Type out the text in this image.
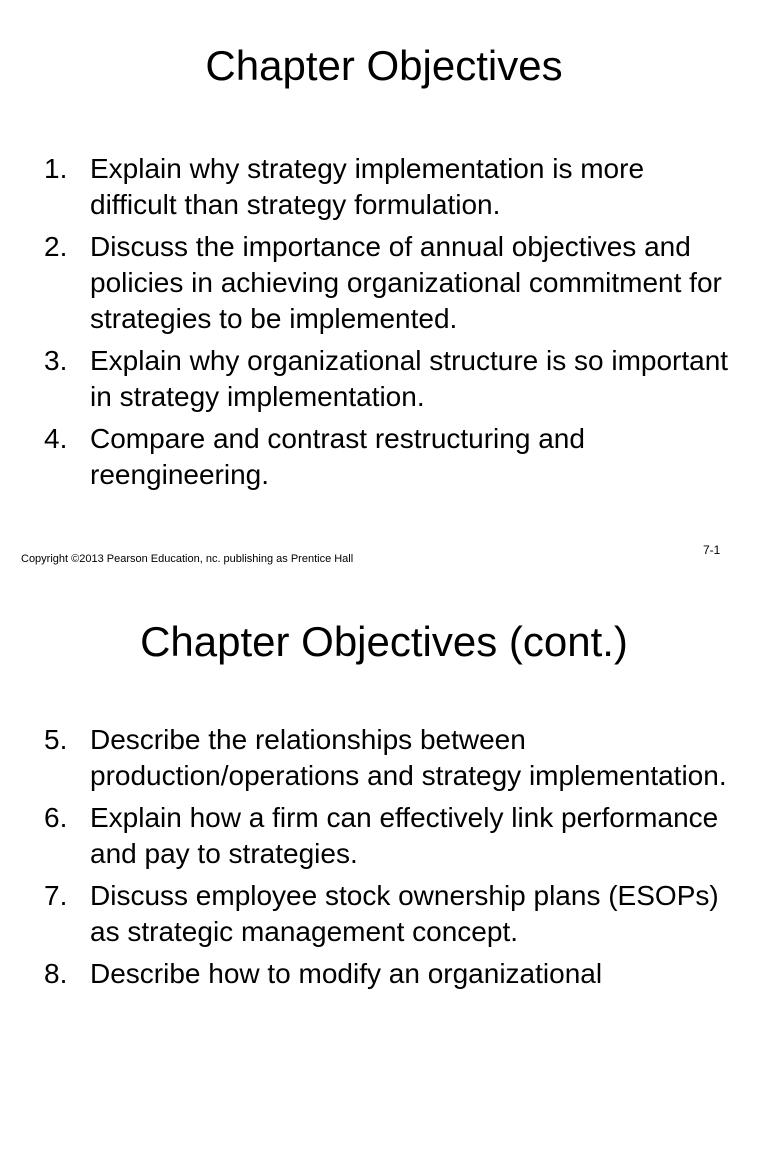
Chapter Objectives
1. Explain why strategy implementation is more difficult than strategy formulation.
2. Discuss the importance of annual objectives and policies in achieving organizational commitment for strategies to be implemented.
3. Explain why organizational structure is so important in strategy implementation.
4. Compare and contrast restructuring and reengineering.

Copyright ©2013 Pearson Education, nc. publishing as Prentice Hall

7-1

Chapter Objectives (cont.)
5. Describe the relationships between production/operations and strategy implementation.
6. Explain how a firm can effectively link performance and pay to strategies.
7. Discuss employee stock ownership plans (ESOPs) as strategic management concept.
8. Describe how to modify an organizational
